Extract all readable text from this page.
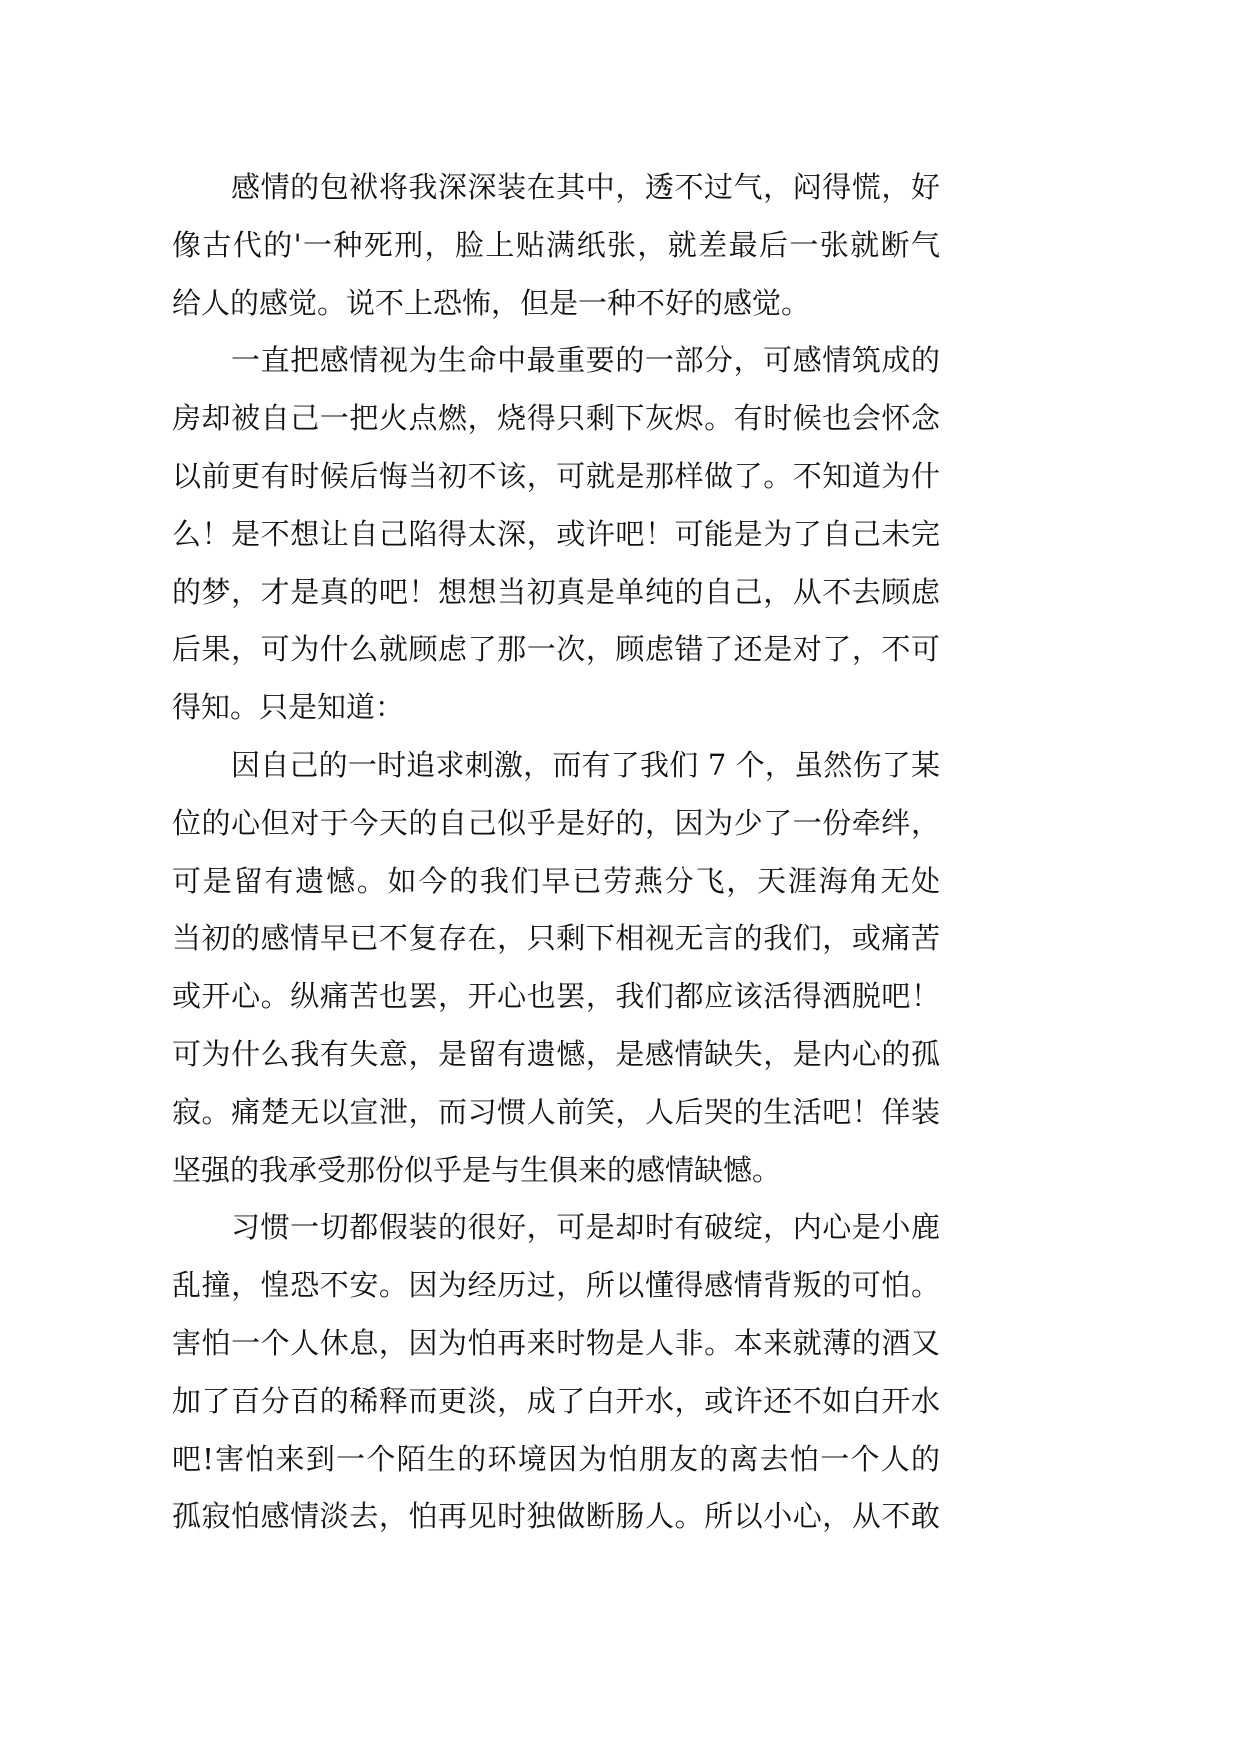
感情的包袱将我深深装在其中，透不过气，闷得慌，好
像古代的'一种死刑，脸上贴满纸张，就差最后一张就断气
给人的感觉。说不上恐怖，但是一种不好的感觉。
一直把感情视为生命中最重要的一部分，可感情筑成的
房却被自己一把火点燃，烧得只剩下灰烬。有时候也会怀念
以前更有时候后悔当初不该，可就是那样做了。不知道为什
么！是不想让自己陷得太深，或许吧！可能是为了自己未完
的梦，才是真的吧！想想当初真是单纯的自己，从不去顾虑
后果，可为什么就顾虑了那一次，顾虑错了还是对了，不可
得知。只是知道：
因自己的一时追求刺激，而有了我们 7 个，虽然伤了某
位的心但对于今天的自己似乎是好的，因为少了一份牵绊，
可是留有遗憾。如今的我们早已劳燕分飞，天涯海角无处
当初的感情早已不复存在，只剩下相视无言的我们，或痛苦
或开心。纵痛苦也罢，开心也罢，我们都应该活得洒脱吧！
可为什么我有失意，是留有遗憾，是感情缺失，是内心的孤
寂。痛楚无以宣泄，而习惯人前笑，人后哭的生活吧！佯装
坚强的我承受那份似乎是与生俱来的感情缺憾。
习惯一切都假装的很好，可是却时有破绽，内心是小鹿
乱撞，惶恐不安。因为经历过，所以懂得感情背叛的可怕。
害怕一个人休息，因为怕再来时物是人非。本来就薄的酒又
加了百分百的稀释而更淡，成了白开水，或许还不如白开水
吧!害怕来到一个陌生的环境因为怕朋友的离去怕一个人的
孤寂怕感情淡去，怕再见时独做断肠人。所以小心，从不敢
